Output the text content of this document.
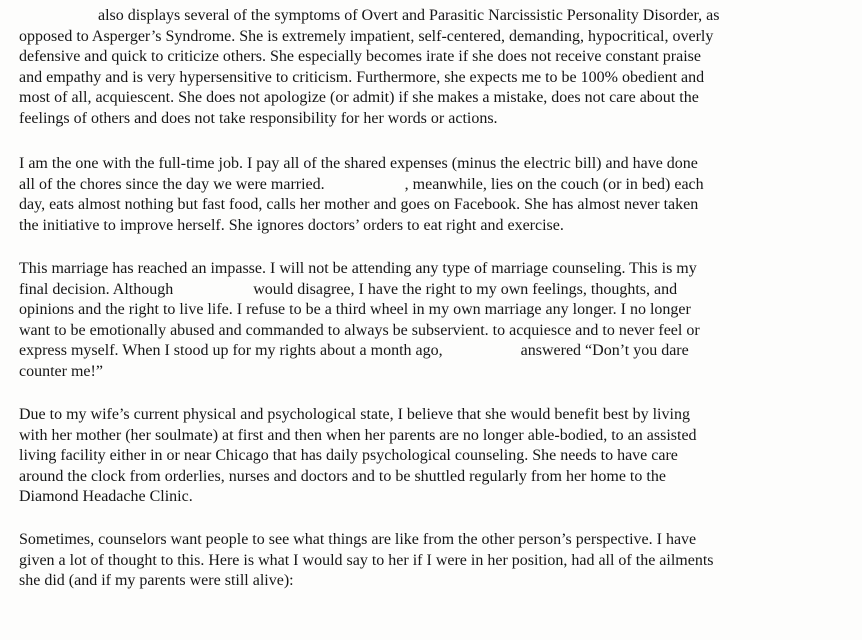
also displays several of the symptoms of Overt and Parasitic Narcissistic Personality Disorder, as
opposed to Asperger’s Syndrome. She is extremely impatient, self-centered, demanding, hypocritical, overly
defensive and quick to criticize others. She especially becomes irate if she does not receive constant praise
and empathy and is very hypersensitive to criticism. Furthermore, she expects me to be 100% obedient and
most of all, acquiescent. She does not apologize (or admit) if she makes a mistake, does not care about the
feelings of others and does not take responsibility for her words or actions.
I am the one with the full-time job. I pay all of the shared expenses (minus the electric bill) and have done
all of the chores since the day we were married.	, meanwhile, lies on the couch (or in bed) each
day, eats almost nothing but fast food, calls her mother and goes on Facebook. She has almost never taken
the initiative to improve herself. She ignores doctors’ orders to eat right and exercise.
This marriage has reached an impasse. I will not be attending any type of marriage counseling. This is my
final decision. Although	would disagree, I have the right to my own feelings, thoughts, and
opinions and the right to live life. I refuse to be a third wheel in my own marriage any longer. I no longer
want to be emotionally abused and commanded to always be subservient. to acquiesce and to never feel or
express myself. When I stood up for my rights about a month ago,	answered “Don’t you dare
counter me!”
Due to my wife’s current physical and psychological state, I believe that she would benefit best by living
with her mother (her soulmate) at first and then when her parents are no longer able-bodied, to an assisted
living facility either in or near Chicago that has daily psychological counseling. She needs to have care
around the clock from orderlies, nurses and doctors and to be shuttled regularly from her home to the
Diamond Headache Clinic.
Sometimes, counselors want people to see what things are like from the other person’s perspective. I have
given a lot of thought to this. Here is what I would say to her if I were in her position, had all of the ailments
she did (and if my parents were still alive):
